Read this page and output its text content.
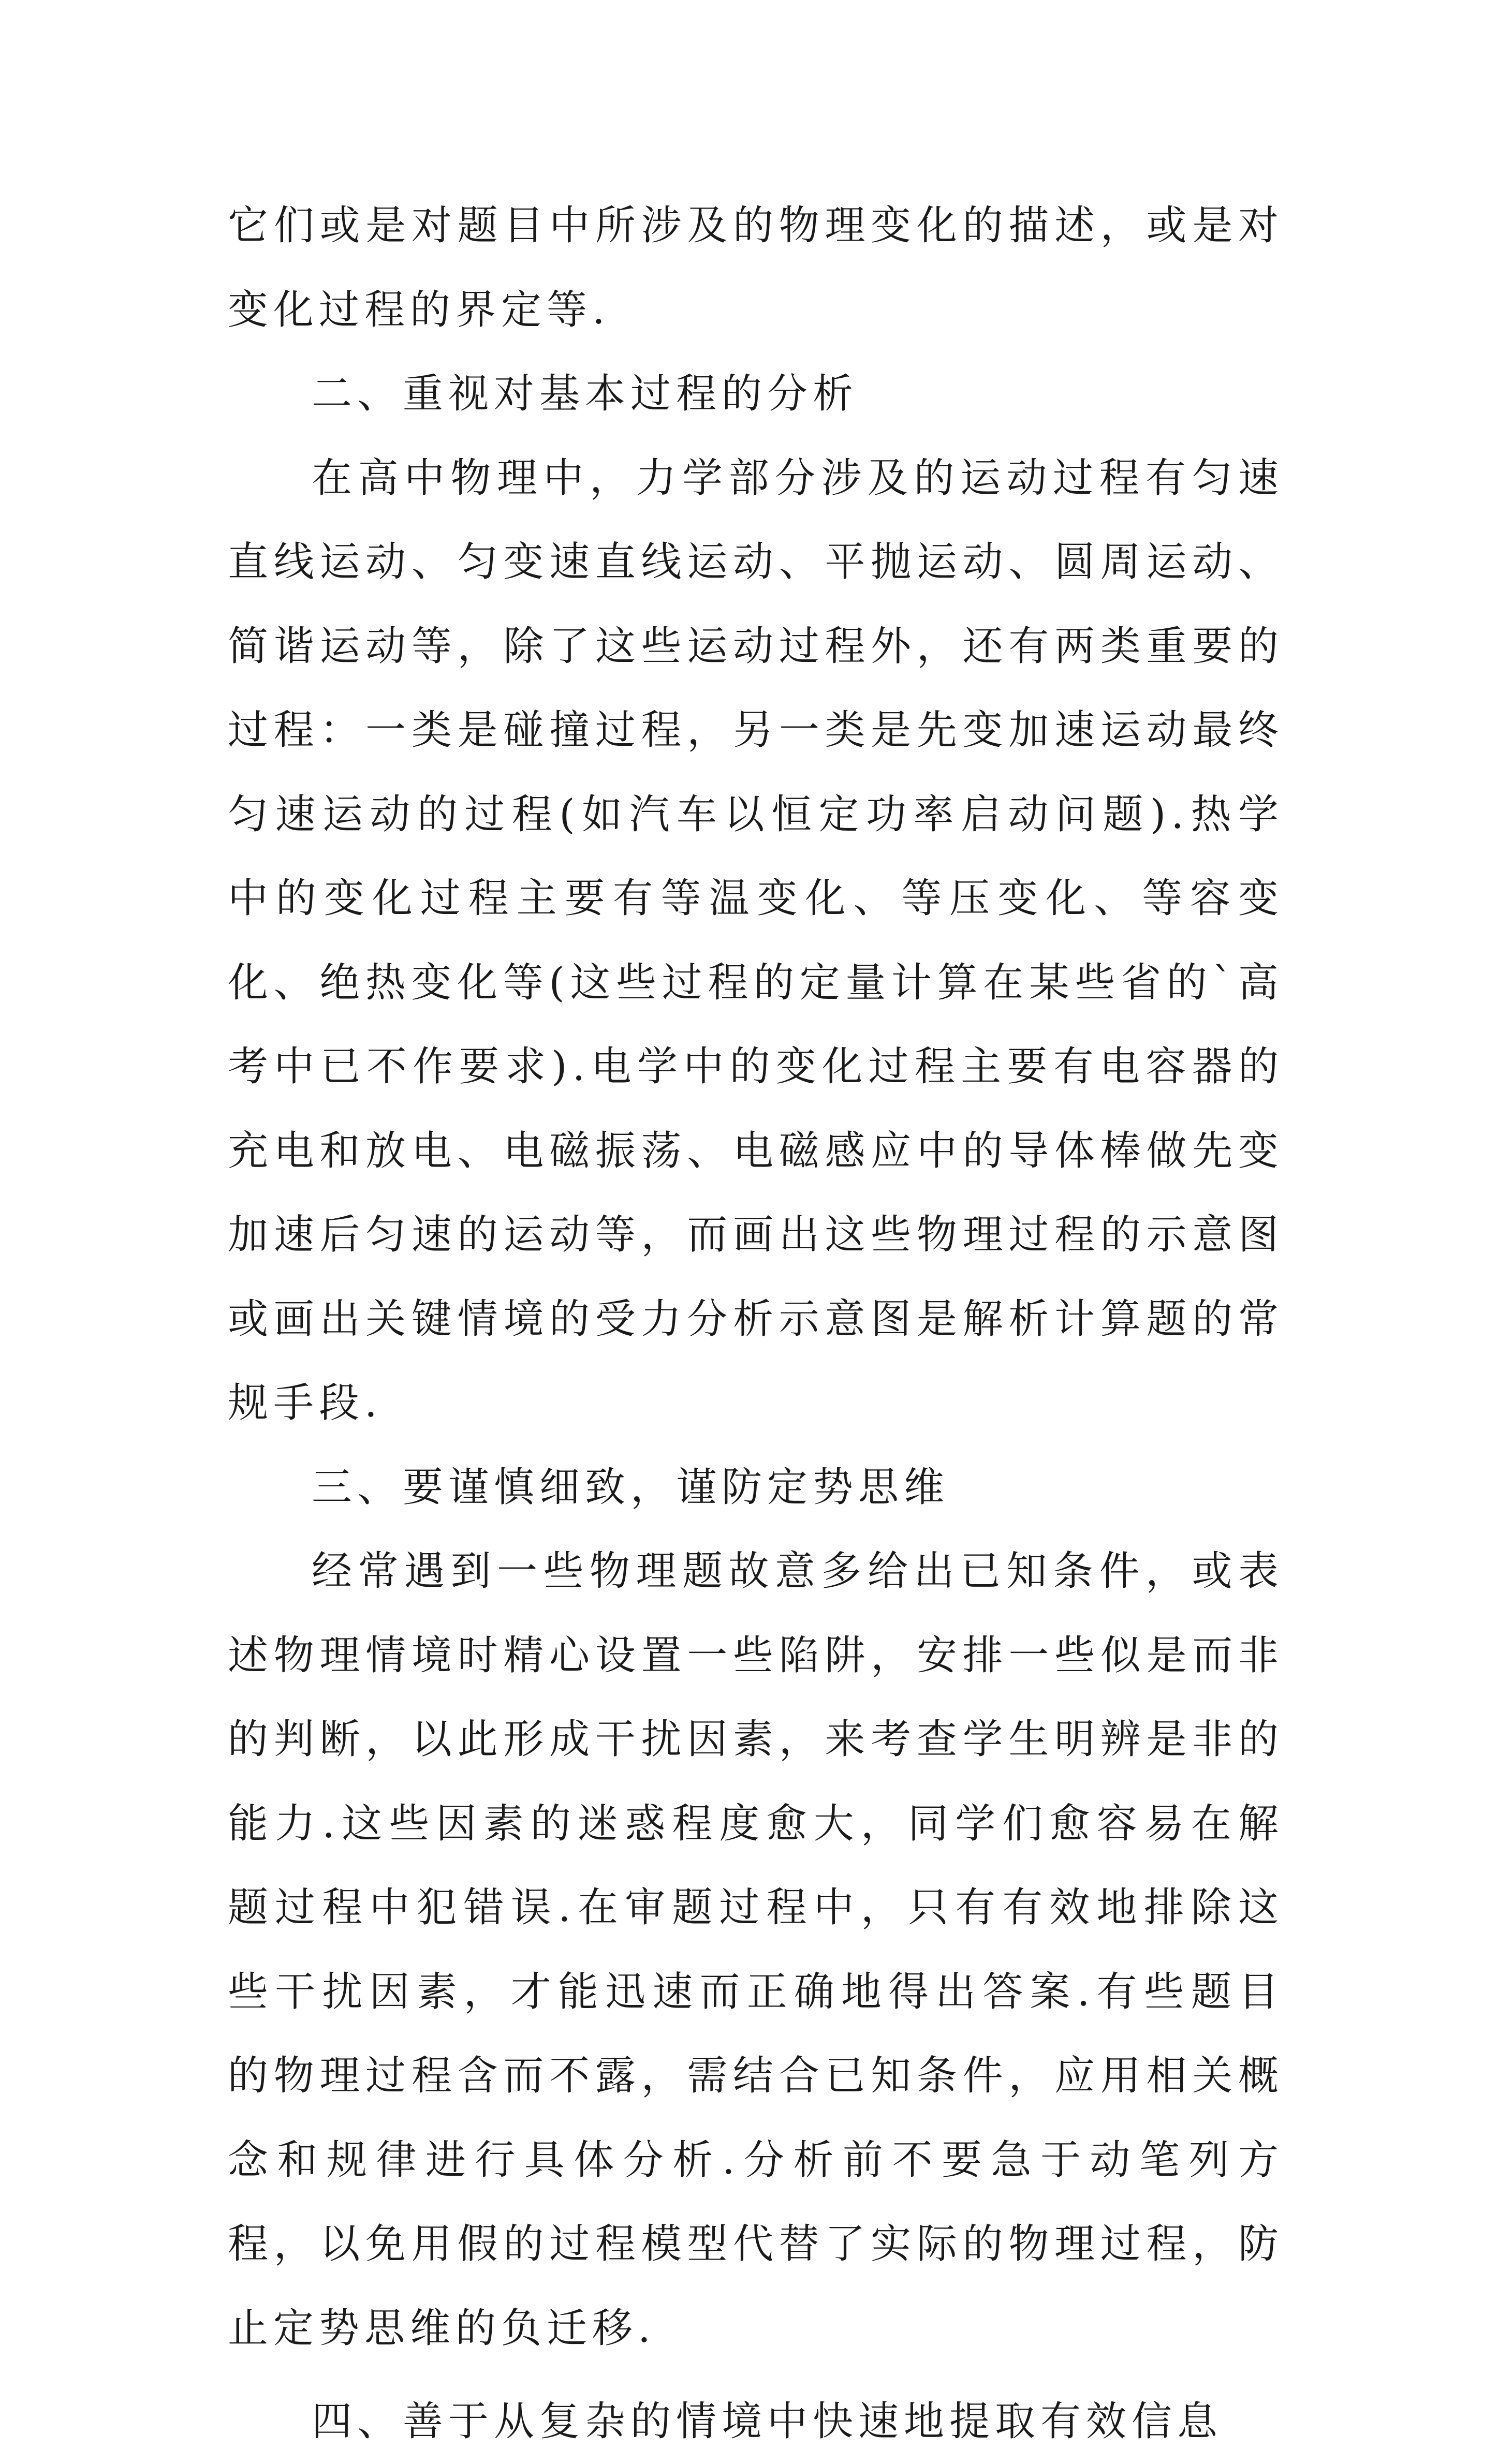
它们或是对题目中所涉及的物理变化的描述，或是对变化过程的界定等.

二、重视对基本过程的分析

在高中物理中，力学部分涉及的运动过程有匀速直线运动、匀变速直线运动、平抛运动、圆周运动、简谐运动等，除了这些运动过程外，还有两类重要的过程：一类是碰撞过程，另一类是先变加速运动最终匀速运动的过程(如汽车以恒定功率启动问题).热学中的变化过程主要有等温变化、等压变化、等容变化、绝热变化等(这些过程的定量计算在某些省的`高考中已不作要求).电学中的变化过程主要有电容器的充电和放电、电磁振荡、电磁感应中的导体棒做先变加速后匀速的运动等，而画出这些物理过程的示意图或画出关键情境的受力分析示意图是解析计算题的常规手段.

三、要谨慎细致，谨防定势思维

经常遇到一些物理题故意多给出已知条件，或表述物理情境时精心设置一些陷阱，安排一些似是而非的判断，以此形成干扰因素，来考查学生明辨是非的能力.这些因素的迷惑程度愈大，同学们愈容易在解题过程中犯错误.在审题过程中，只有有效地排除这些干扰因素，才能迅速而正确地得出答案.有些题目的物理过程含而不露，需结合已知条件，应用相关概念和规律进行具体分析.分析前不要急于动笔列方程，以免用假的过程模型代替了实际的物理过程，防止定势思维的负迁移.

四、善于从复杂的情境中快速地提取有效信息
